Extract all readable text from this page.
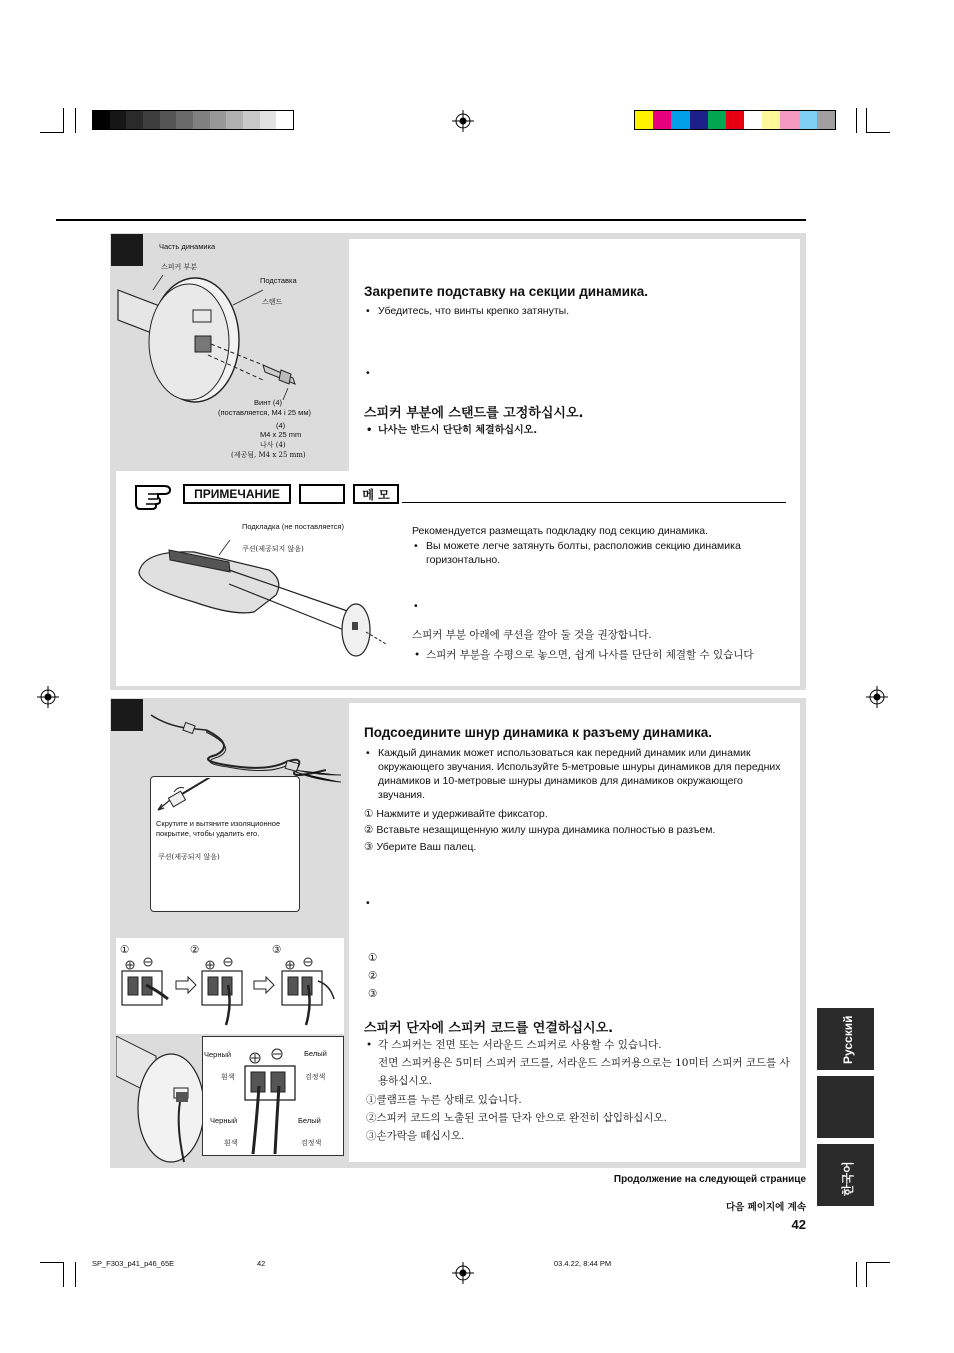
Часть динамика
스피커 부분
Подставка
스탠드
Винт (4)
(поставляется, M4 i 25 мм)
(4)
M4 x 25 mm
나사 (4)
(제공됨, M4 x 25 mm)
Закрепите подставку на секции динамика.
• Убедитесь, что винты крепко затянуты.
•
스피커 부분에 스탠드를 고정하십시오.
• 나사는 반드시 단단히 체결하십시오.
ПРИМЕЧАНИЕ	메 모
Подкладка (не поставляется)
쿠션(제공되지 않음)
Рекомендуется размещать подкладку под секцию динамика.
• Вы можете легче затянуть болты, расположив секцию динамика горизонтально.
•
스피커 부분 아래에 쿠션을 깔아 둘 것을 권장합니다.
• 스피커 부분을 수평으로 놓으면, 쉽게 나사를 단단히 체결할 수 있습니다
Скрутите и вытяните изоляционное покрытие, чтобы удалить его.
쿠션(제공되지 않음)
①	②	③
Черный	Белый
흰색	검정색
Черный	Белый
흰색	검정색
Подсоедините шнур динамика к разъему динамика.
• Каждый динамик может использоваться как передний динамик или динамик окружающего звучания. Используйте 5-метровые шнуры динамиков для передних динамиков и 10-метровые шнуры динамиков для динамиков окружающего звучания.
① Нажмите и удерживайте фиксатор.
② Вставьте незащищенную жилу шнура динамика полностью в разъем.
③ Уберите Ваш палец.
•
①
②
③
스피커 단자에 스피커 코드를 연결하십시오.
• 각 스피커는 전면 또는 서라운드 스피커로 사용할 수 있습니다.
전면 스피커용은 5미터 스피커 코드를, 서라운드 스피커용으로는 10미터 스피커 코드를 사용하십시오.
①클램프를 누른 상태로 있습니다.
②스피커 코드의 노출된 코어를 단자 안으로 완전히 삽입하십시오.
③손가락을 떼십시오.
Русский
한국어
Продолжение на следующей странице
다음 페이지에 계속
42
SP_F303_p41_p46_65E	42	03.4.22, 8:44 PM
